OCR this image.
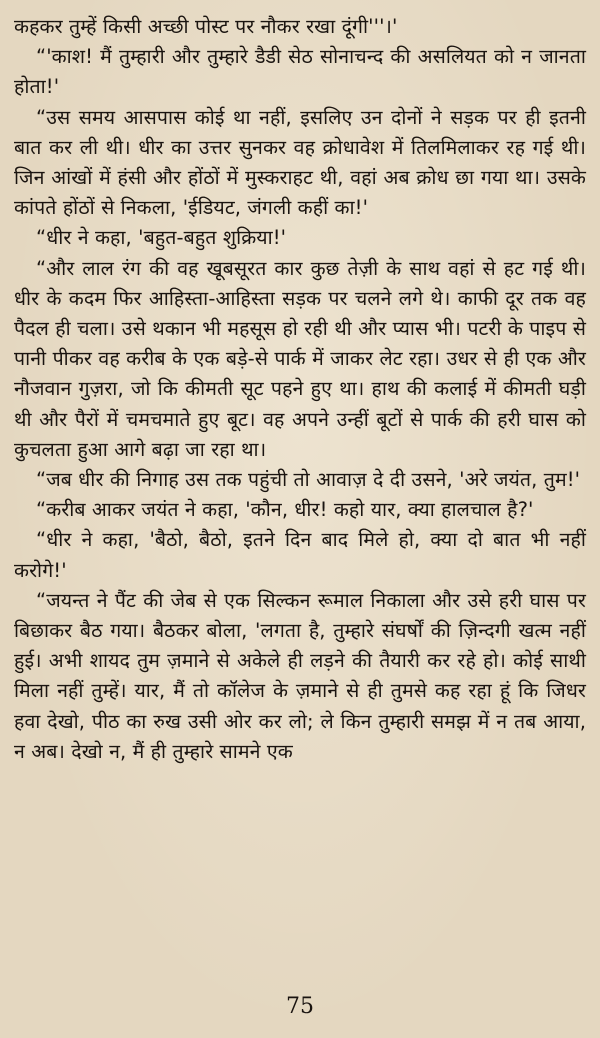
कहकर तुम्हें किसी अच्छी पोस्ट पर नौकर रखा दूंगी'''।'

“'काश! मैं तुम्हारी और तुम्हारे डैडी सेठ सोनाचन्द की असलियत को न जानता होता!'

“उस समय आसपास कोई था नहीं, इसलिए उन दोनों ने सड़क पर ही इतनी बात कर ली थी। धीर का उत्तर सुनकर वह क्रोधावेश में तिलमिलाकर रह गई थी। जिन आंखों में हंसी और होंठों में मुस्कराहट थी, वहां अब क्रोध छा गया था। उसके कांपते होंठों से निकला, 'ईडियट, जंगली कहीं का!'

“धीर ने कहा, 'बहुत-बहुत शुक्रिया!'

“और लाल रंग की वह खूबसूरत कार कुछ तेज़ी के साथ वहां से हट गई थी। धीर के कदम फिर आहिस्ता-आहिस्ता सड़क पर चलने लगे थे। काफी दूर तक वह पैदल ही चला। उसे थकान भी महसूस हो रही थी और प्यास भी। पटरी के पाइप से पानी पीकर वह करीब के एक बड़े-से पार्क में जाकर लेट रहा। उधर से ही एक और नौजवान गुज़रा, जो कि कीमती सूट पहने हुए था। हाथ की कलाई में कीमती घड़ी थी और पैरों में चमचमाते हुए बूट। वह अपने उन्हीं बूटों से पार्क की हरी घास को कुचलता हुआ आगे बढ़ा जा रहा था।

“जब धीर की निगाह उस तक पहुंची तो आवाज़ दे दी उसने, 'अरे जयंत, तुम!'

“करीब आकर जयंत ने कहा, 'कौन, धीर! कहो यार, क्या हालचाल है?'

“धीर ने कहा, 'बैठो, बैठो, इतने दिन बाद मिले हो, क्या दो बात भी नहीं करोगे!'

“जयन्त ने पैंट की जेब से एक सिल्कन रूमाल निकाला और उसे हरी घास पर बिछाकर बैठ गया। बैठकर बोला, 'लगता है, तुम्हारे संघर्षों की ज़िन्दगी खत्म नहीं हुई। अभी शायद तुम ज़माने से अकेले ही लड़ने की तैयारी कर रहे हो। कोई साथी मिला नहीं तुम्हें। यार, मैं तो कॉलेज के ज़माने से ही तुमसे कह रहा हूं कि जिधर हवा देखो, पीठ का रुख उसी ओर कर लो; ले किन तुम्हारी समझ में न तब आया, न अब। देखो न, मैं ही तुम्हारे सामने एक

75
